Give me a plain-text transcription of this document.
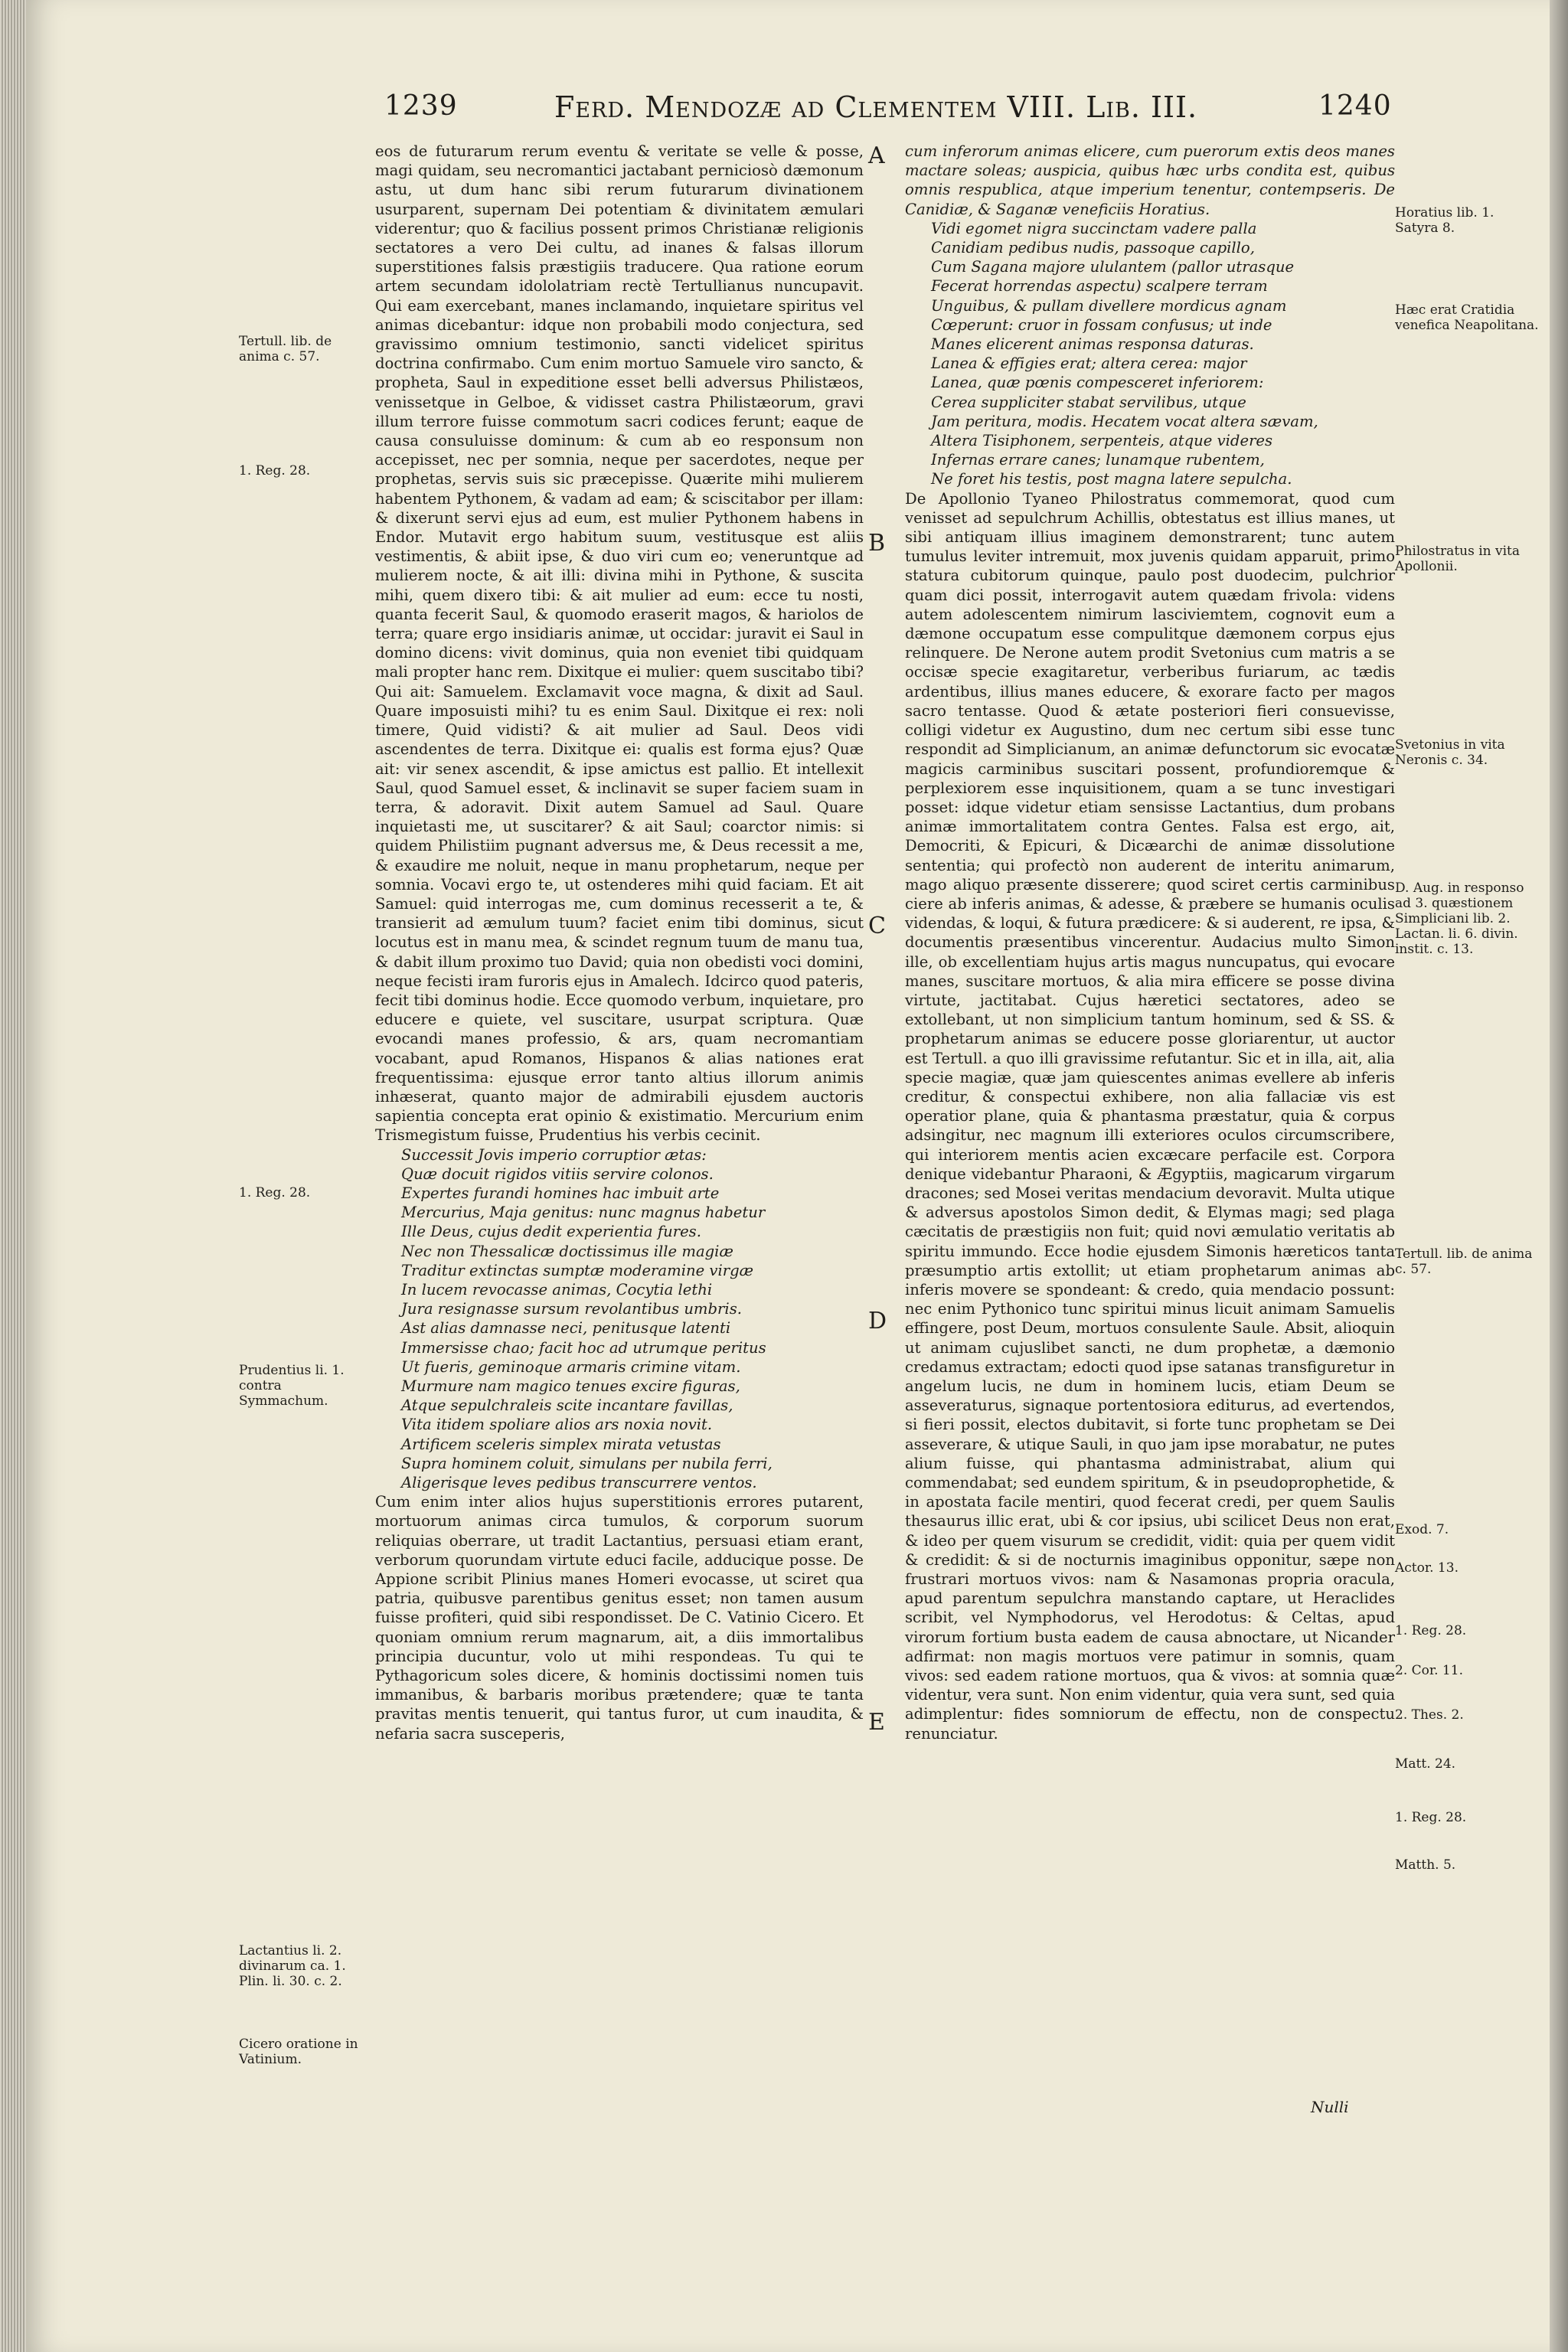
1239	Ferd. Mendozæ ad Clementem VIII. Lib. III.	1240

eos de futurarum rerum eventu & veritate se velle & posse, magi quidam, seu necromantici jactabant perniciosò dæmonum astu, ut dum hanc sibi rerum futurarum divinationem usurparent, supernam Dei potentiam & divinitatem æmulari viderentur; quo & facilius possent primos Christianæ religionis sectatores a vero Dei cultu, ad inanes & falsas illorum superstitiones falsis præstigiis traducere. Qua ratione eorum artem secundam idololatriam rectè Tertullianus nuncupavit. Qui eam exercebant, manes inclamando, inquietare spiritus vel animas dicebantur: idque non probabili modo conjectura, sed gravissimo omnium testimonio, sancti videlicet spiritus doctrina confirmabo. Cum enim mortuo Samuele viro sancto, & propheta, Saul in expeditione esset belli adversus Philistæos, venissetque in Gelboe, & vidisset castra Philistæorum, gravi illum terrore fuisse commotum sacri codices ferunt; eaque de causa consuluisse dominum: & cum ab eo responsum non accepisset, nec per somnia, neque per sacerdotes, neque per prophetas, servis suis sic præcepisse. Quærite mihi mulierem habentem Pythonem, & vadam ad eam; & sciscitabor per illam: & dixerunt servi ejus ad eum, est mulier Pythonem habens in Endor. Mutavit ergo habitum suum, vestitusque est aliis vestimentis, & abiit ipse, & duo viri cum eo; veneruntque ad mulierem nocte, & ait illi: divina mihi in Pythone, & suscita mihi, quem dixero tibi: & ait mulier ad eum: ecce tu nosti, quanta fecerit Saul, & quomodo eraserit magos, & hariolos de terra; quare ergo insidiaris animæ, ut occidar: juravit ei Saul in domino dicens: vivit dominus, quia non eveniet tibi quidquam mali propter hanc rem. Dixitque ei mulier: quem suscitabo tibi? Qui ait: Samuelem. Exclamavit voce magna, & dixit ad Saul. Quare imposuisti mihi? tu es enim Saul. Dixitque ei rex: noli timere, Quid vidisti? & ait mulier ad Saul. Deos vidi ascendentes de terra. Dixitque ei: qualis est forma ejus? Quæ ait: vir senex ascendit, & ipse amictus est pallio. Et intellexit Saul, quod Samuel esset, & inclinavit se super faciem suam in terra, & adoravit. Dixit autem Samuel ad Saul. Quare inquietasti me, ut suscitarer? & ait Saul; coarctor nimis: si quidem Philistiim pugnant adversus me, & Deus recessit a me, & exaudire me noluit, neque in manu prophetarum, neque per somnia. Vocavi ergo te, ut ostenderes mihi quid faciam. Et ait Samuel: quid interrogas me, cum dominus recesserit a te, & transierit ad æmulum tuum? faciet enim tibi dominus, sicut locutus est in manu mea, & scindet regnum tuum de manu tua, & dabit illum proximo tuo David; quia non obedisti voci domini, neque fecisti iram furoris ejus in Amalech. Idcirco quod pateris, fecit tibi dominus hodie. Ecce quomodo verbum, inquietare, pro educere e quiete, vel suscitare, usurpat scriptura. Quæ evocandi manes professio, & ars, quam necromantiam vocabant, apud Romanos, Hispanos & alias nationes erat frequentissima: ejusque error tanto altius illorum animis inhæserat, quanto major de admirabili ejusdem auctoris sapientia concepta erat opinio & existimatio. Mercurium enim Trismegistum fuisse, Prudentius his verbis cecinit.

Successit Jovis imperio corruptior ætas:
Quæ docuit rigidos vitiis servire colonos.
Expertes furandi homines hac imbuit arte
Mercurius, Maja genitus: nunc magnus habetur
Ille Deus, cujus dedit experientia fures.
Nec non Thessalicæ doctissimus ille magiæ
Traditur extinctas sumptæ moderamine virgæ
In lucem revocasse animas, Cocytia lethi
Jura resignasse sursum revolantibus umbris.
Ast alias damnasse neci, penitusque latenti
Immersisse chao; facit hoc ad utrumque peritus
Ut fueris, geminoque armaris crimine vitam.
Murmure nam magico tenues excire figuras,
Atque sepulchraleis scite incantare favillas,
Vita itidem spoliare alios ars noxia novit.
Artificem sceleris simplex mirata vetustas
Supra hominem coluit, simulans per nubila ferri,
Aligerisque leves pedibus transcurrere ventos.

Cum enim inter alios hujus superstitionis errores putarent, mortuorum animas circa tumulos, & corporum suorum reliquias oberrare, ut tradit Lactantius, persuasi etiam erant, verborum quorundam virtute educi facile, adducique posse. De Appione scribit Plinius manes Homeri evocasse, ut sciret qua patria, quibusve parentibus genitus esset; non tamen ausum fuisse profiteri, quid sibi respondisset. De C. Vatinio Cicero. Et quoniam omnium rerum magnarum, ait, a diis immortalibus principia ducuntur, volo ut mihi respondeas. Tu qui te Pythagoricum soles dicere, & hominis doctissimi nomen tuis immanibus, & barbaris moribus prætendere; quæ te tanta pravitas mentis tenuerit, qui tantus furor, ut cum inaudita, & nefaria sacra susceperis,

cum inferorum animas elicere, cum puerorum extis deos manes mactare soleas; auspicia, quibus hæc urbs condita est, quibus omnis respublica, atque imperium tenentur, contempseris. De Canidiæ, & Saganæ veneficiis Horatius.

Vidi egomet nigra succinctam vadere palla
Canidiam pedibus nudis, passoque capillo,
Cum Sagana majore ululantem (pallor utrasque
Fecerat horrendas aspectu) scalpere terram
Unguibus, & pullam divellere mordicus agnam
Cœperunt: cruor in fossam confusus; ut inde
Manes elicerent animas responsa daturas.
Lanea & effigies erat; altera cerea: major
Lanea, quæ pœnis compesceret inferiorem:
Cerea suppliciter stabat servilibus, utque
Jam peritura, modis. Hecatem vocat altera sævam,
Altera Tisiphonem, serpenteis, atque videres
Infernas errare canes; lunamque rubentem,
Ne foret his testis, post magna latere sepulcha.

De Apollonio Tyaneo Philostratus commemorat, quod cum venisset ad sepulchrum Achillis, obtestatus est illius manes, ut sibi antiquam illius imaginem demonstrarent; tunc autem tumulus leviter intremuit, mox juvenis quidam apparuit, primo statura cubitorum quinque, paulo post duodecim, pulchrior quam dici possit, interrogavit autem quædam frivola: videns autem adolescentem nimirum lasciviemtem, cognovit eum a dæmone occupatum esse compulitque dæmonem corpus ejus relinquere. De Nerone autem prodit Svetonius cum matris a se occisæ specie exagitaretur, verberibus furiarum, ac tædis ardentibus, illius manes educere, & exorare facto per magos sacro tentasse. Quod & ætate posteriori fieri consuevisse, colligi videtur ex Augustino, dum nec certum sibi esse tunc respondit ad Simplicianum, an animæ defunctorum sic evocatæ magicis carminibus suscitari possent, profundioremque & perplexiorem esse inquisitionem, quam a se tunc investigari posset: idque videtur etiam sensisse Lactantius, dum probans animæ immortalitatem contra Gentes. Falsa est ergo, ait, Democriti, & Epicuri, & Dicæarchi de animæ dissolutione sententia; qui profectò non auderent de interitu animarum, mago aliquo præsente disserere; quod sciret certis carminibus ciere ab inferis animas, & adesse, & præbere se humanis oculis videndas, & loqui, & futura prædicere: & si auderent, re ipsa, & documentis præsentibus vincerentur. Audacius multo Simon ille, ob excellentiam hujus artis magus nuncupatus, qui evocare manes, suscitare mortuos, & alia mira efficere se posse divina virtute, jactitabat. Cujus hæretici sectatores, adeo se extollebant, ut non simplicium tantum hominum, sed & SS. & prophetarum animas se educere posse gloriarentur, ut auctor est Tertull. a quo illi gravissime refutantur. Sic et in illa, ait, alia specie magiæ, quæ jam quiescentes animas evellere ab inferis creditur, & conspectui exhibere, non alia fallaciæ vis est operatior plane, quia & phantasma præstatur, quia & corpus adsingitur, nec magnum illi exteriores oculos circumscribere, qui interiorem mentis acien excæcare perfacile est. Corpora denique videbantur Pharaoni, & Ægyptiis, magicarum virgarum dracones; sed Mosei veritas mendacium devoravit. Multa utique & adversus apostolos Simon dedit, & Elymas magi; sed plaga cæcitatis de præstigiis non fuit; quid novi æmulatio veritatis ab spiritu immundo. Ecce hodie ejusdem Simonis hæreticos tanta præsumptio artis extollit; ut etiam prophetarum animas ab inferis movere se spondeant: & credo, quia mendacio possunt: nec enim Pythonico tunc spiritui minus licuit animam Samuelis effingere, post Deum, mortuos consulente Saule. Absit, alioquin ut animam cujuslibet sancti, ne dum prophetæ, a dæmonio credamus extractam; edocti quod ipse satanas transfiguretur in angelum lucis, ne dum in hominem lucis, etiam Deum se asseveraturus, signaque portentosiora editurus, ad evertendos, si fieri possit, electos dubitavit, si forte tunc prophetam se Dei asseverare, & utique Sauli, in quo jam ipse morabatur, ne putes alium fuisse, qui phantasma administrabat, alium qui commendabat; sed eundem spiritum, & in pseudoprophetide, & in apostata facile mentiri, quod fecerat credi, per quem Saulis thesaurus illic erat, ubi & cor ipsius, ubi scilicet Deus non erat, & ideo per quem visurum se credidit, vidit: quia per quem vidit & credidit: & si de nocturnis imaginibus opponitur, sæpe non frustrari mortuos vivos: nam & Nasamonas propria oracula, apud parentum sepulchra manstando captare, ut Heraclides scribit, vel Nymphodorus, vel Herodotus: & Celtas, apud virorum fortium busta eadem de causa abnoctare, ut Nicander adfirmat: non magis mortuos vere patimur in somnis, quam vivos: sed eadem ratione mortuos, qua & vivos: at somnia quæ videntur, vera sunt. Non enim videntur, quia vera sunt, sed quia adimplentur: fides somniorum de effectu, non de conspectu renunciatur.

Nulli
Tertull. lib. de anima c. 57.
1. Reg. 28.
1. Reg. 28.
Prudentius li. 1. contra Symmachum.
Lactantius li. 2. divinarum ca. 1. Plin. li. 30. c. 2.
Cicero oratione in Vatinium.
Horatius lib. 1. Satyra 8.
Hæc erat Cratidia venefica Neapolitana.
Philostratus in vita Apollonii.
Svetonius in vita Neronis c. 34.
D. Aug. in responso ad 3. quæstionem Simpliciani lib. 2. Lactan. li. 6. divin. instit. c. 13.
Tertull. lib. de anima c. 57.
Exod. 7.
Actor. 13.
1. Reg. 28.
2. Cor. 11.
2. Thes. 2.
Matt. 24.
1. Reg. 28.
Matth. 5.
A
B
C
D
E
